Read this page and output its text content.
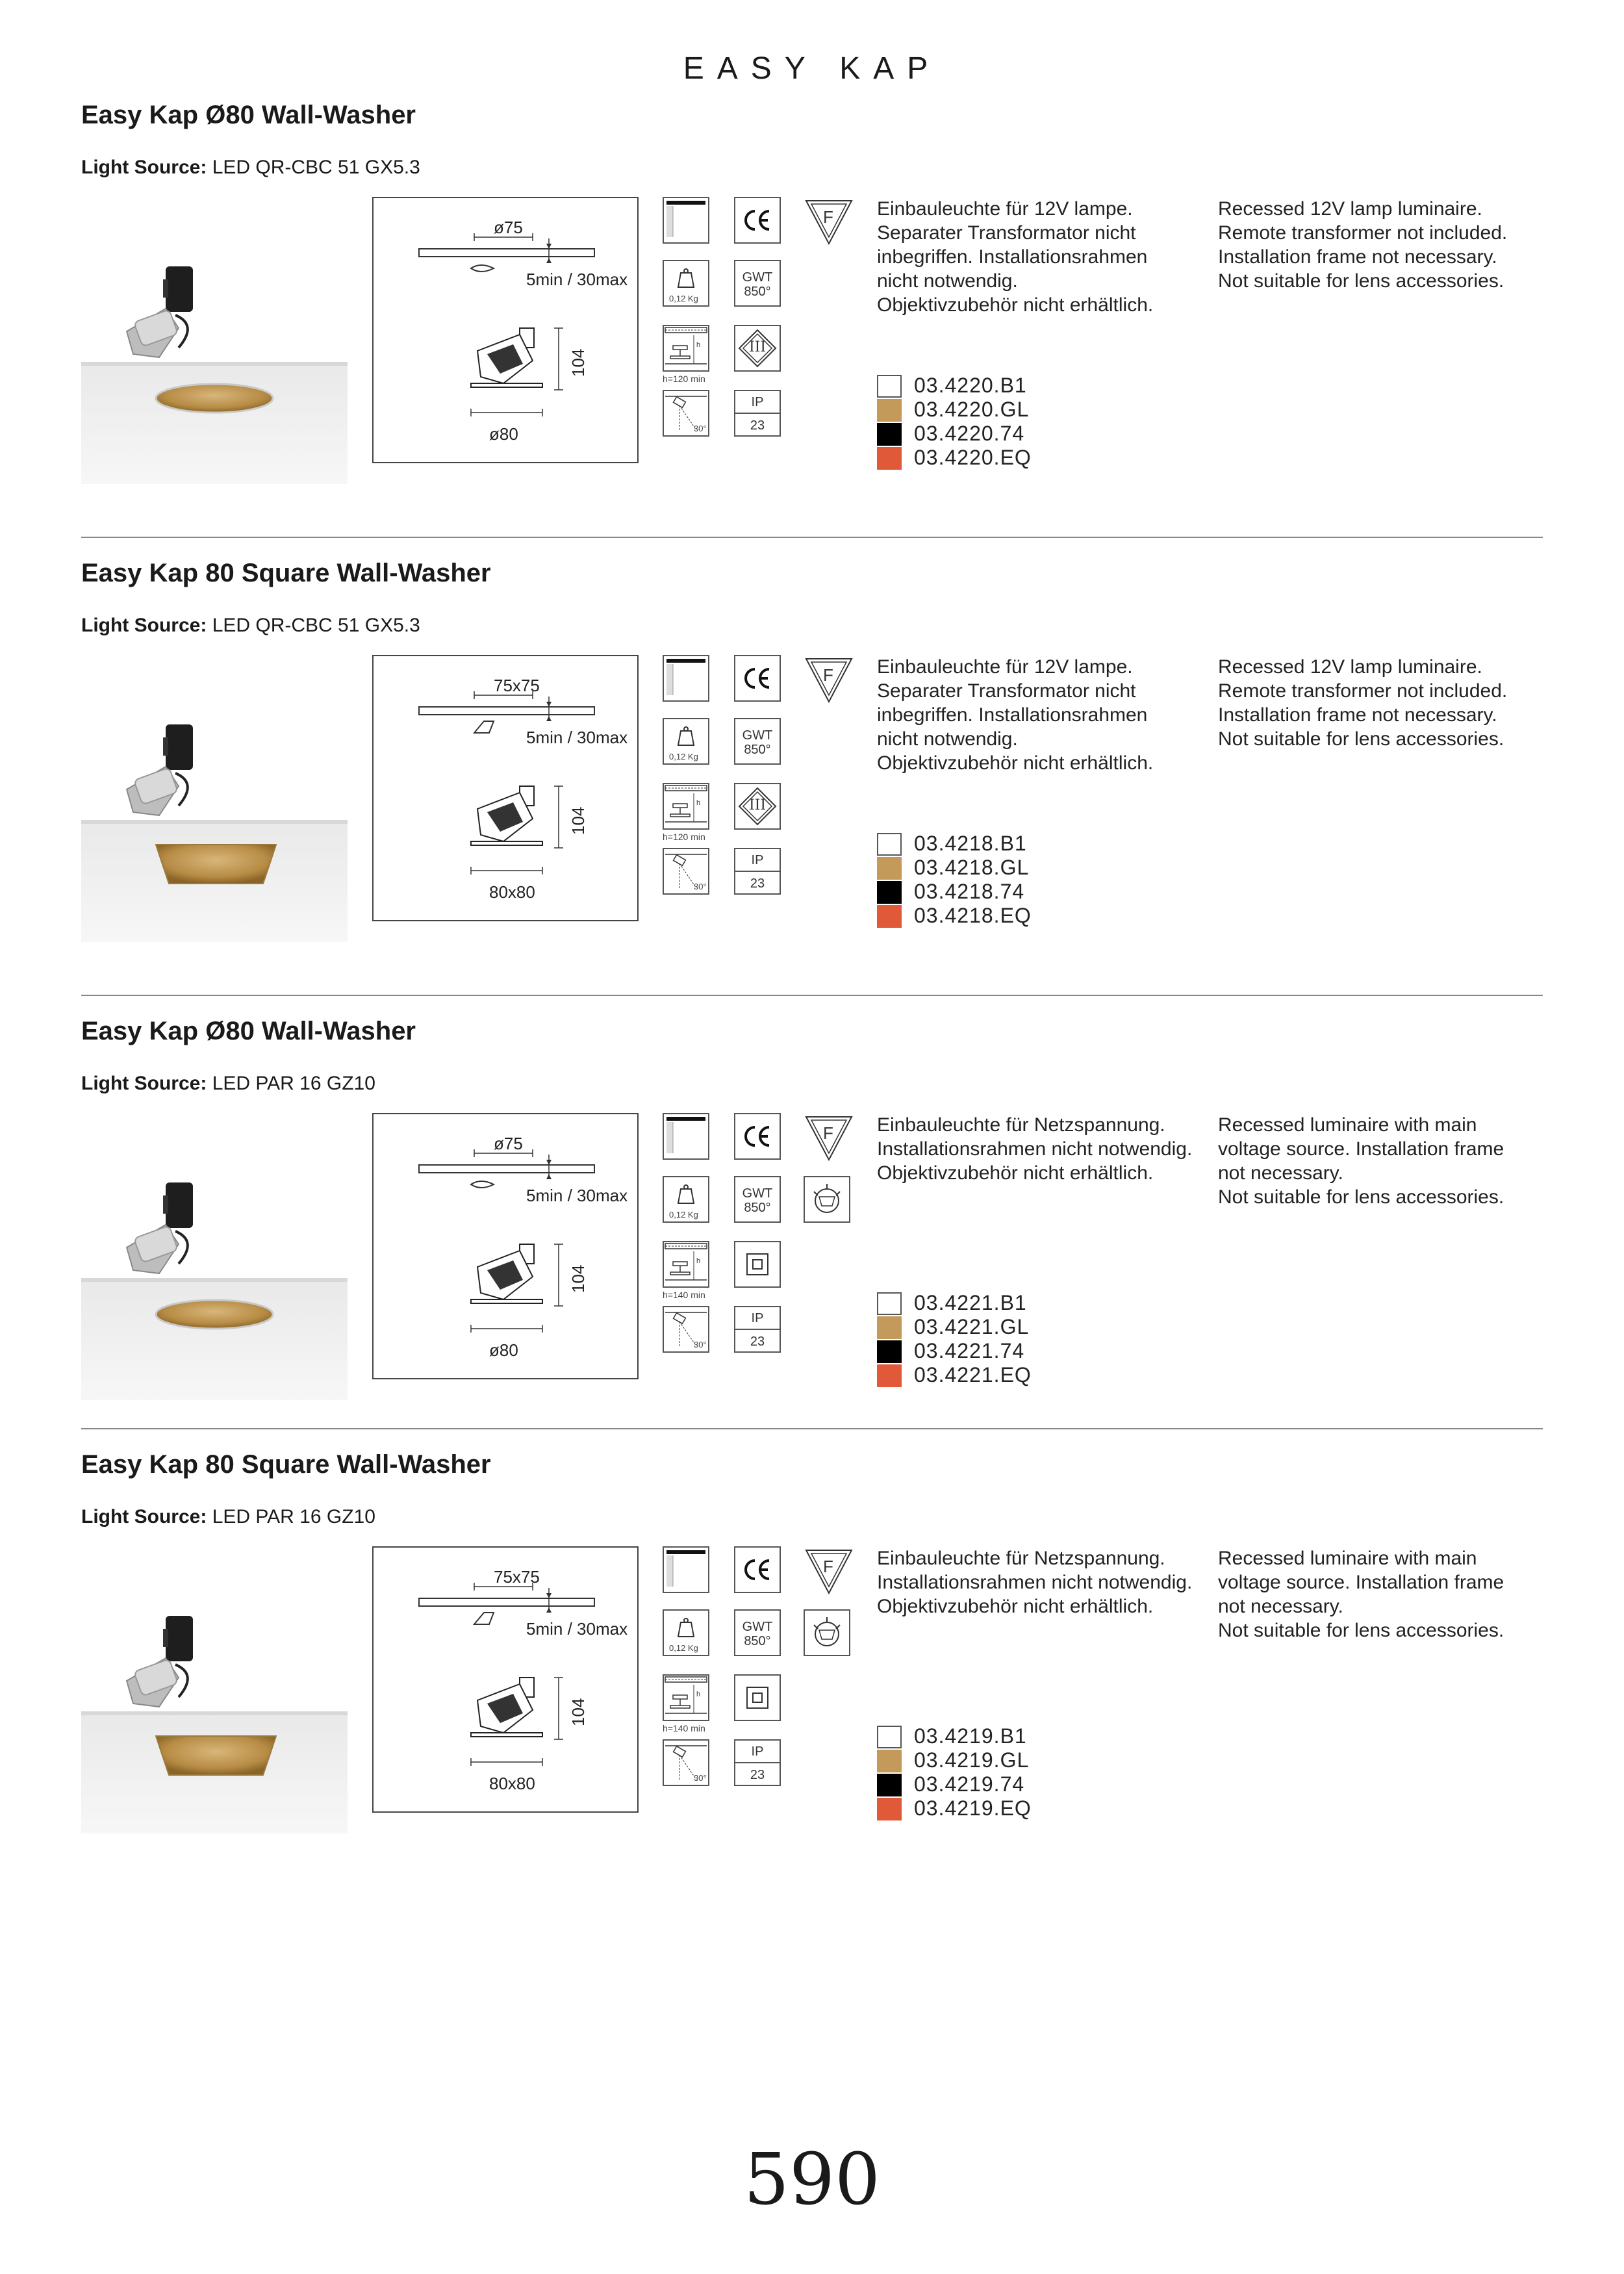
EASY KAP
Easy Kap Ø80 Wall-Washer
Light Source: LED QR-CBC 51 GX5.3
ø75
5min / 30max
104
ø80
0,12 Kg
h
h=120 min
30°
GWT
850°
III
IP
23
F Einbauleuchte für 12V lampe.
Separater Transformator nicht
inbegriffen. Installationsrahmen
nicht notwendig.
Objektivzubehör nicht erhältlich.
Recessed 12V lamp luminaire.
Remote transformer not included.
Installation frame not necessary.
Not suitable for lens accessories.
03.4220.B1
03.4220.GL
03.4220.74
03.4220.EQ
Easy Kap 80 Square Wall-Washer
Light Source: LED QR-CBC 51 GX5.3
75x75
5min / 30max
104
80x80
0,12 Kg
h
h=120 min
30°
GWT
850°
III
IP
23
F Einbauleuchte für 12V lampe.
Separater Transformator nicht
inbegriffen. Installationsrahmen
nicht notwendig.
Objektivzubehör nicht erhältlich.
Recessed 12V lamp luminaire.
Remote transformer not included.
Installation frame not necessary.
Not suitable for lens accessories.
03.4218.B1
03.4218.GL
03.4218.74
03.4218.EQ
Easy Kap Ø80 Wall-Washer
Light Source: LED PAR 16 GZ10
ø75
5min / 30max
104
ø80
0,12 Kg
h
h=140 min
30°
GWT
850°
IP
23
F Einbauleuchte für Netzspannung.
Installationsrahmen nicht notwendig.
Objektivzubehör nicht erhältlich.
Recessed luminaire with main
voltage source. Installation frame
not necessary.
Not suitable for lens accessories.
03.4221.B1
03.4221.GL
03.4221.74
03.4221.EQ
Easy Kap 80 Square Wall-Washer
Light Source: LED PAR 16 GZ10
75x75
5min / 30max
104
80x80
0,12 Kg
h
h=140 min
30°
GWT
850°
IP
23
F Einbauleuchte für Netzspannung.
Installationsrahmen nicht notwendig.
Objektivzubehör nicht erhältlich.
Recessed luminaire with main
voltage source. Installation frame
not necessary.
Not suitable for lens accessories.
03.4219.B1
03.4219.GL
03.4219.74
03.4219.EQ
590
